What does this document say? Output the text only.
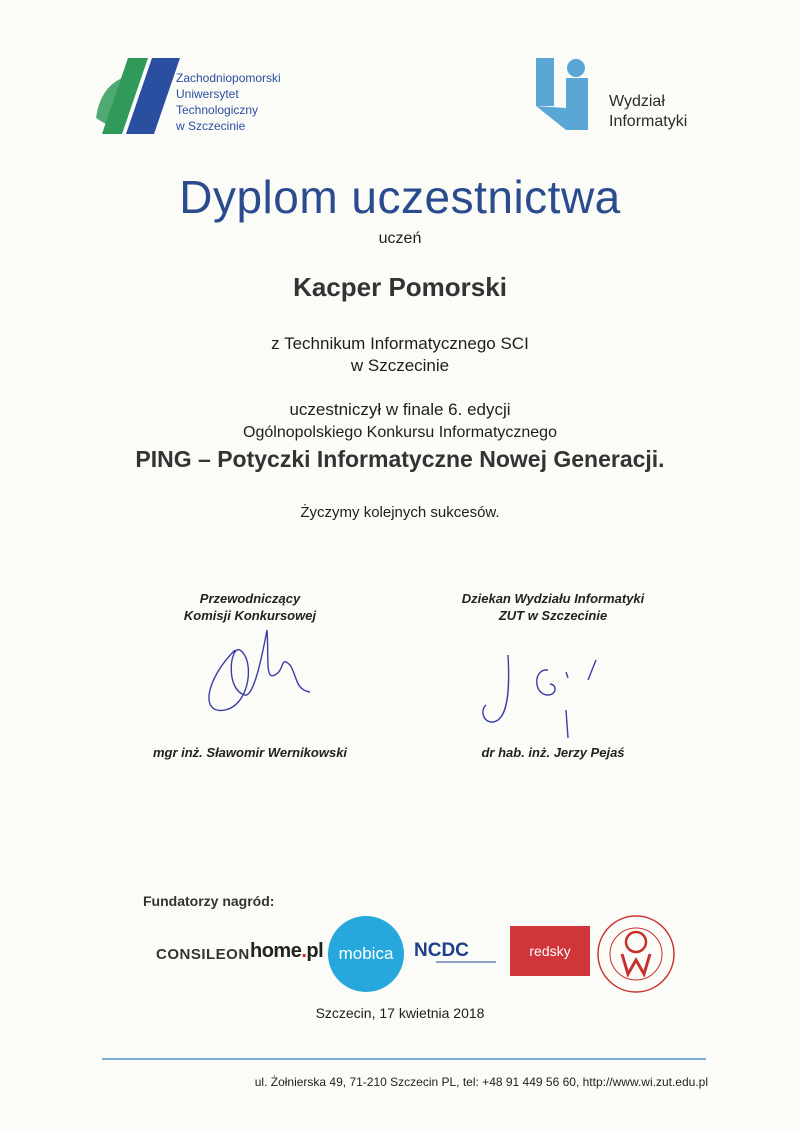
Zachodniopomorski
Uniwersytet
Technologiczny
w Szczecinie
Wydział
Informatyki
Dyplom uczestnictwa
uczeń
Kacper Pomorski
z Technikum Informatycznego SCI
w Szczecinie
uczestniczył w finale 6. edycji
Ogólnopolskiego Konkursu Informatycznego
PING – Potyczki Informatyczne Nowej Generacji.
Życzymy kolejnych sukcesów.
Przewodniczący
Komisji Konkursowej
mgr inż. Sławomir Wernikowski
Dziekan Wydziału Informatyki
ZUT w Szczecinie
dr hab. inż. Jerzy Pejaś
Fundatorzy nagród:
CONSILEON home.pl mobica	NCDC	redsky
Szczecin, 17 kwietnia 2018
ul. Żołnierska 49, 71-210 Szczecin PL, tel: +48 91 449 56 60, http://www.wi.zut.edu.pl
